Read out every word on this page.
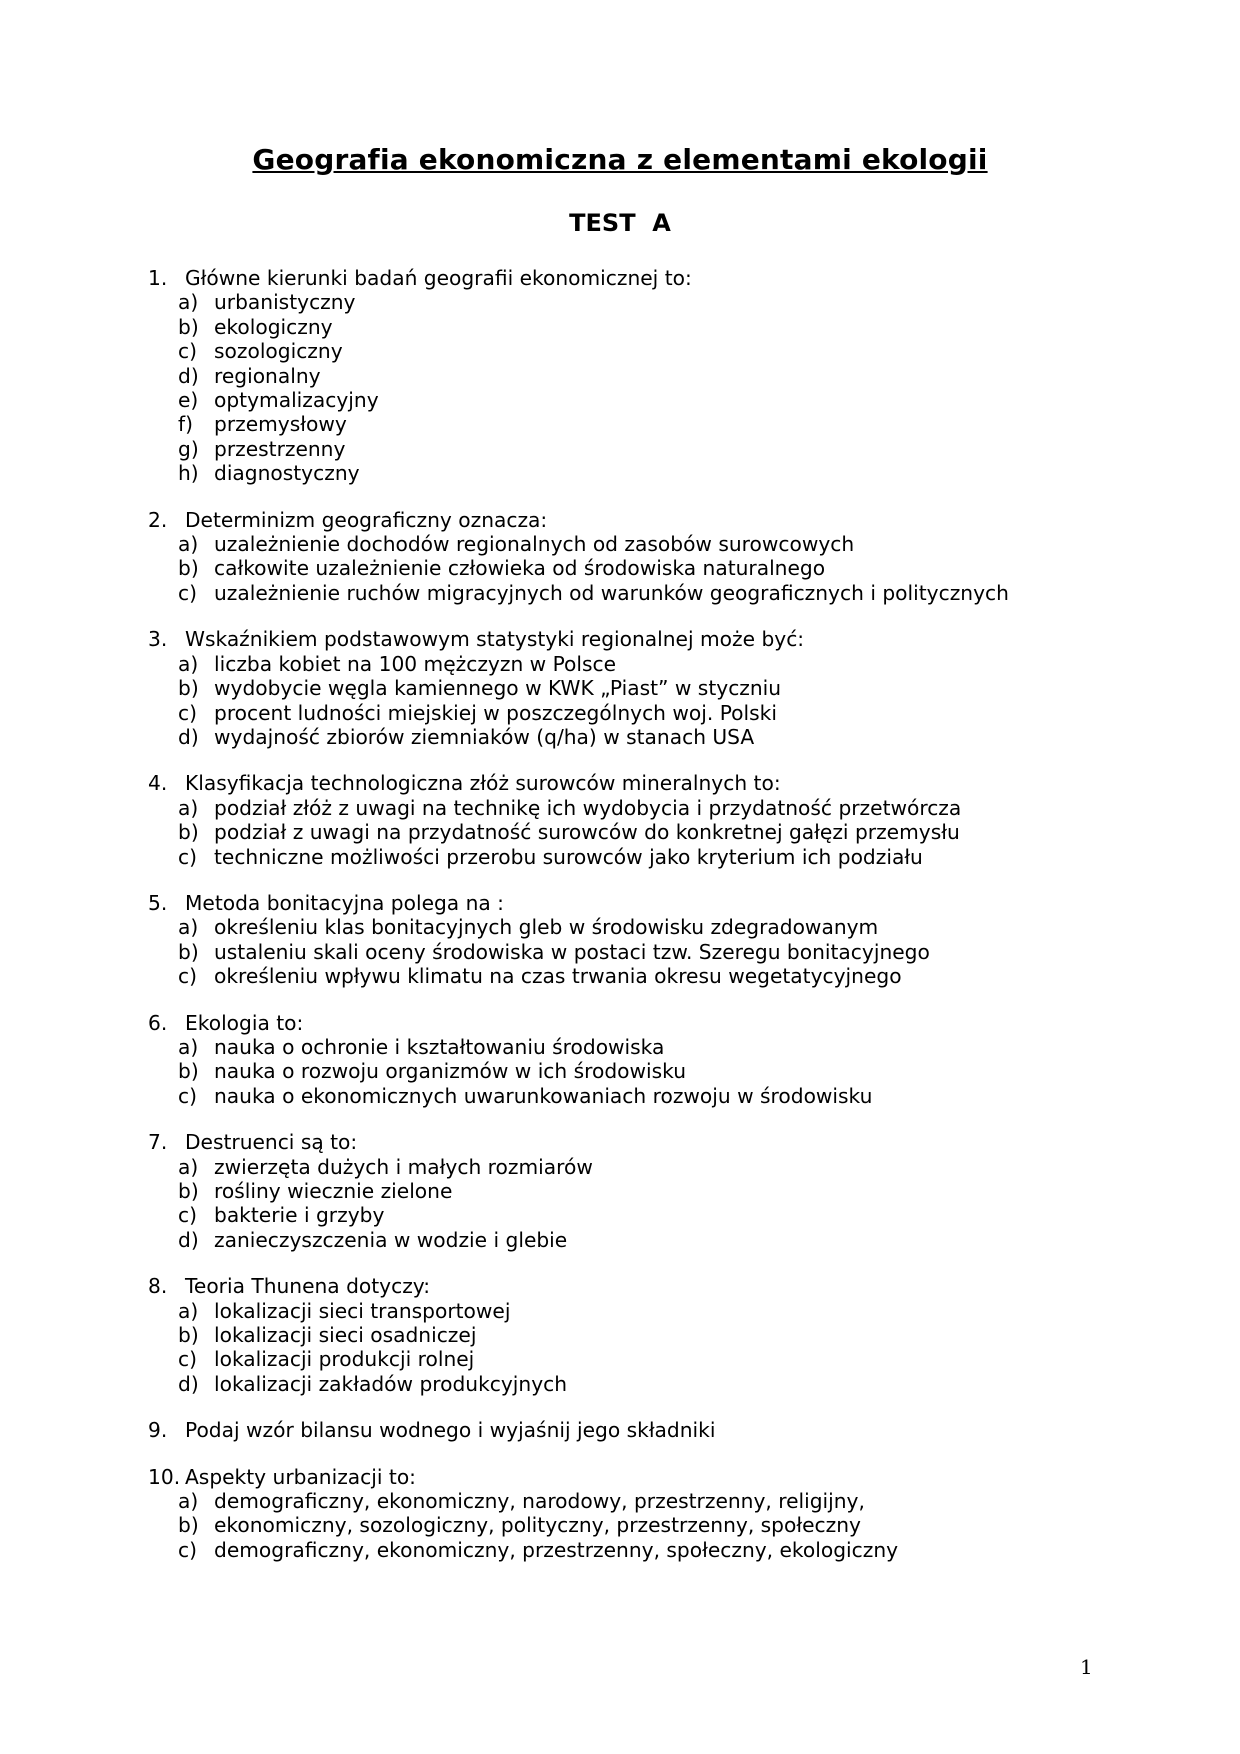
Geografia ekonomiczna z elementami ekologii
TEST  A
1. Główne kierunki badań geografii ekonomicznej to:
a) urbanistyczny
b) ekologiczny
c) sozologiczny
d) regionalny
e) optymalizacyjny
f) przemysłowy
g) przestrzenny
h) diagnostyczny
2. Determinizm geograficzny oznacza:
a) uzależnienie dochodów regionalnych od zasobów surowcowych
b) całkowite uzależnienie człowieka od środowiska naturalnego
c) uzależnienie ruchów migracyjnych od warunków geograficznych i politycznych
3. Wskaźnikiem podstawowym statystyki regionalnej może być:
a) liczba kobiet na 100 mężczyzn w Polsce
b) wydobycie węgla kamiennego w KWK „Piast” w styczniu
c) procent ludności miejskiej w poszczególnych woj. Polski
d) wydajność zbiorów ziemniaków (q/ha) w stanach USA
4. Klasyfikacja technologiczna złóż surowców mineralnych to:
a) podział złóż z uwagi na technikę ich wydobycia i przydatność przetwórcza
b) podział z uwagi na przydatność surowców do konkretnej gałęzi przemysłu
c) techniczne możliwości przerobu surowców jako kryterium ich podziału
5. Metoda bonitacyjna polega na :
a) określeniu klas bonitacyjnych gleb w środowisku zdegradowanym
b) ustaleniu skali oceny środowiska w postaci tzw. Szeregu bonitacyjnego
c) określeniu wpływu klimatu na czas trwania okresu wegetatycyjnego
6. Ekologia to:
a) nauka o ochronie i kształtowaniu środowiska
b) nauka o rozwoju organizmów w ich środowisku
c) nauka o ekonomicznych uwarunkowaniach rozwoju w środowisku
7. Destruenci są to:
a) zwierzęta dużych i małych rozmiarów
b) rośliny wiecznie zielone
c) bakterie i grzyby
d) zanieczyszczenia w wodzie i glebie
8. Teoria Thunena dotyczy:
a) lokalizacji sieci transportowej
b) lokalizacji sieci osadniczej
c) lokalizacji produkcji rolnej
d) lokalizacji zakładów produkcyjnych
9. Podaj wzór bilansu wodnego i wyjaśnij jego składniki
10. Aspekty urbanizacji to:
a) demograficzny, ekonomiczny, narodowy, przestrzenny, religijny,
b) ekonomiczny, sozologiczny, polityczny, przestrzenny, społeczny
c) demograficzny, ekonomiczny, przestrzenny, społeczny, ekologiczny
1
